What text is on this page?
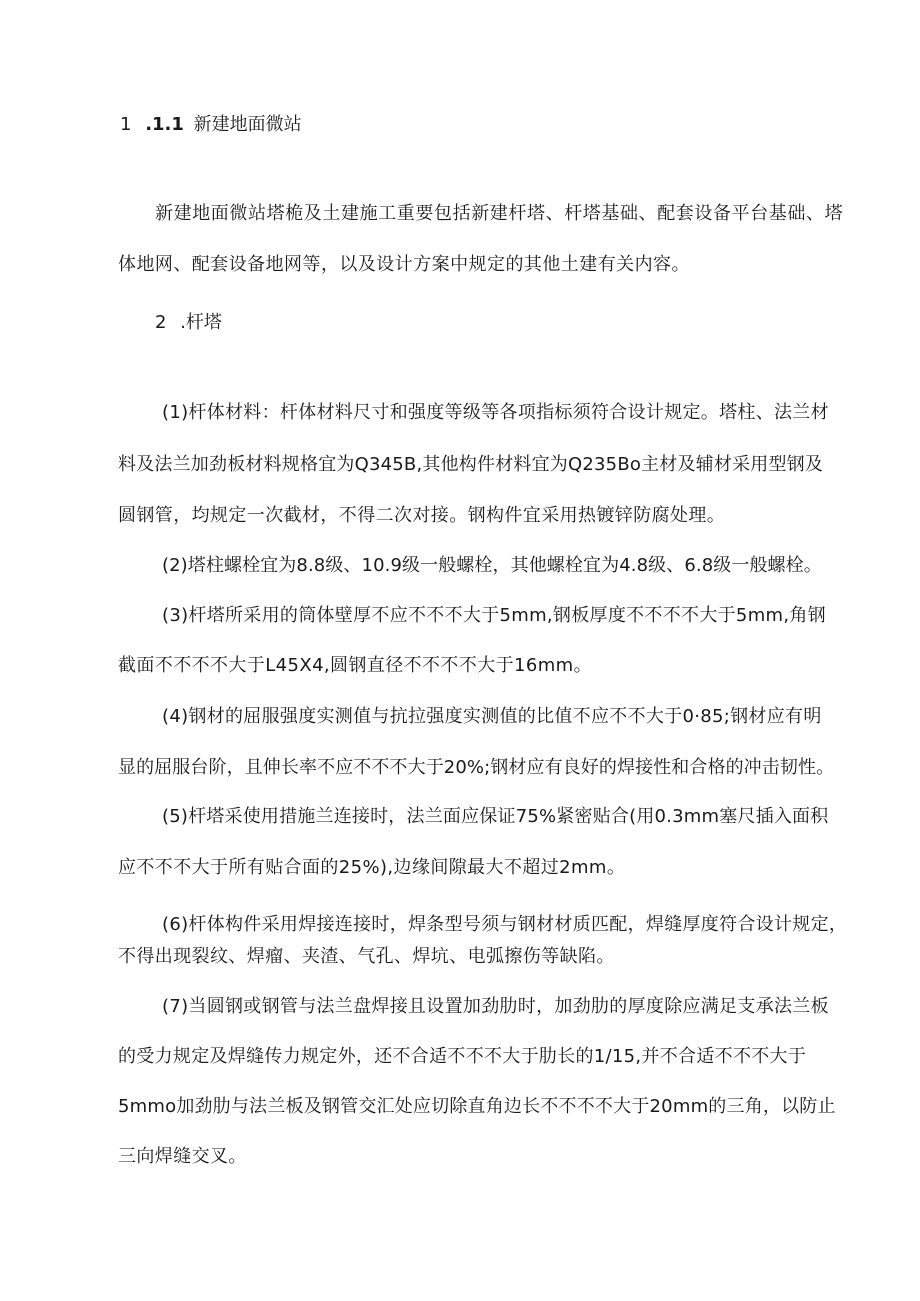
1 .1.1 新建地面微站
新建地面微站塔桅及土建施工重要包括新建杆塔、杆塔基础、配套设备平台基础、塔
体地网、配套设备地网等，以及设计方案中规定的其他土建有关内容。
2 .杆塔
(1)杆体材料：杆体材料尺寸和强度等级等各项指标须符合设计规定。塔柱、法兰材
料及法兰加劲板材料规格宜为Q345B,其他构件材料宜为Q235Bo主材及辅材采用型钢及
圆钢管，均规定一次截材，不得二次对接。钢构件宜采用热镀锌防腐处理。
(2)塔柱螺栓宜为8.8级、10.9级一般螺栓，其他螺栓宜为4.8级、6.8级一般螺栓。
(3)杆塔所采用的筒体壁厚不应不不不大于5mm,钢板厚度不不不不大于5mm,角钢
截面不不不不大于L45X4,圆钢直径不不不不大于16mm。
(4)钢材的屈服强度实测值与抗拉强度实测值的比值不应不不大于0·85;钢材应有明
显的屈服台阶，且伸长率不应不不不大于20%;钢材应有良好的焊接性和合格的冲击韧性。
(5)杆塔采使用措施兰连接时，法兰面应保证75%紧密贴合(用0.3mm塞尺插入面积
应不不不大于所有贴合面的25%),边缘间隙最大不超过2mm。
(6)杆体构件采用焊接连接时，焊条型号须与钢材材质匹配，焊缝厚度符合设计规定，
不得出现裂纹、焊瘤、夹渣、气孔、焊坑、电弧擦伤等缺陷。
(7)当圆钢或钢管与法兰盘焊接且设置加劲肋时，加劲肋的厚度除应满足支承法兰板
的受力规定及焊缝传力规定外，还不合适不不不大于肋长的1/15,并不合适不不不大于
5mmo加劲肋与法兰板及钢管交汇处应切除直角边长不不不不大于20mm的三角，以防止
三向焊缝交叉。
